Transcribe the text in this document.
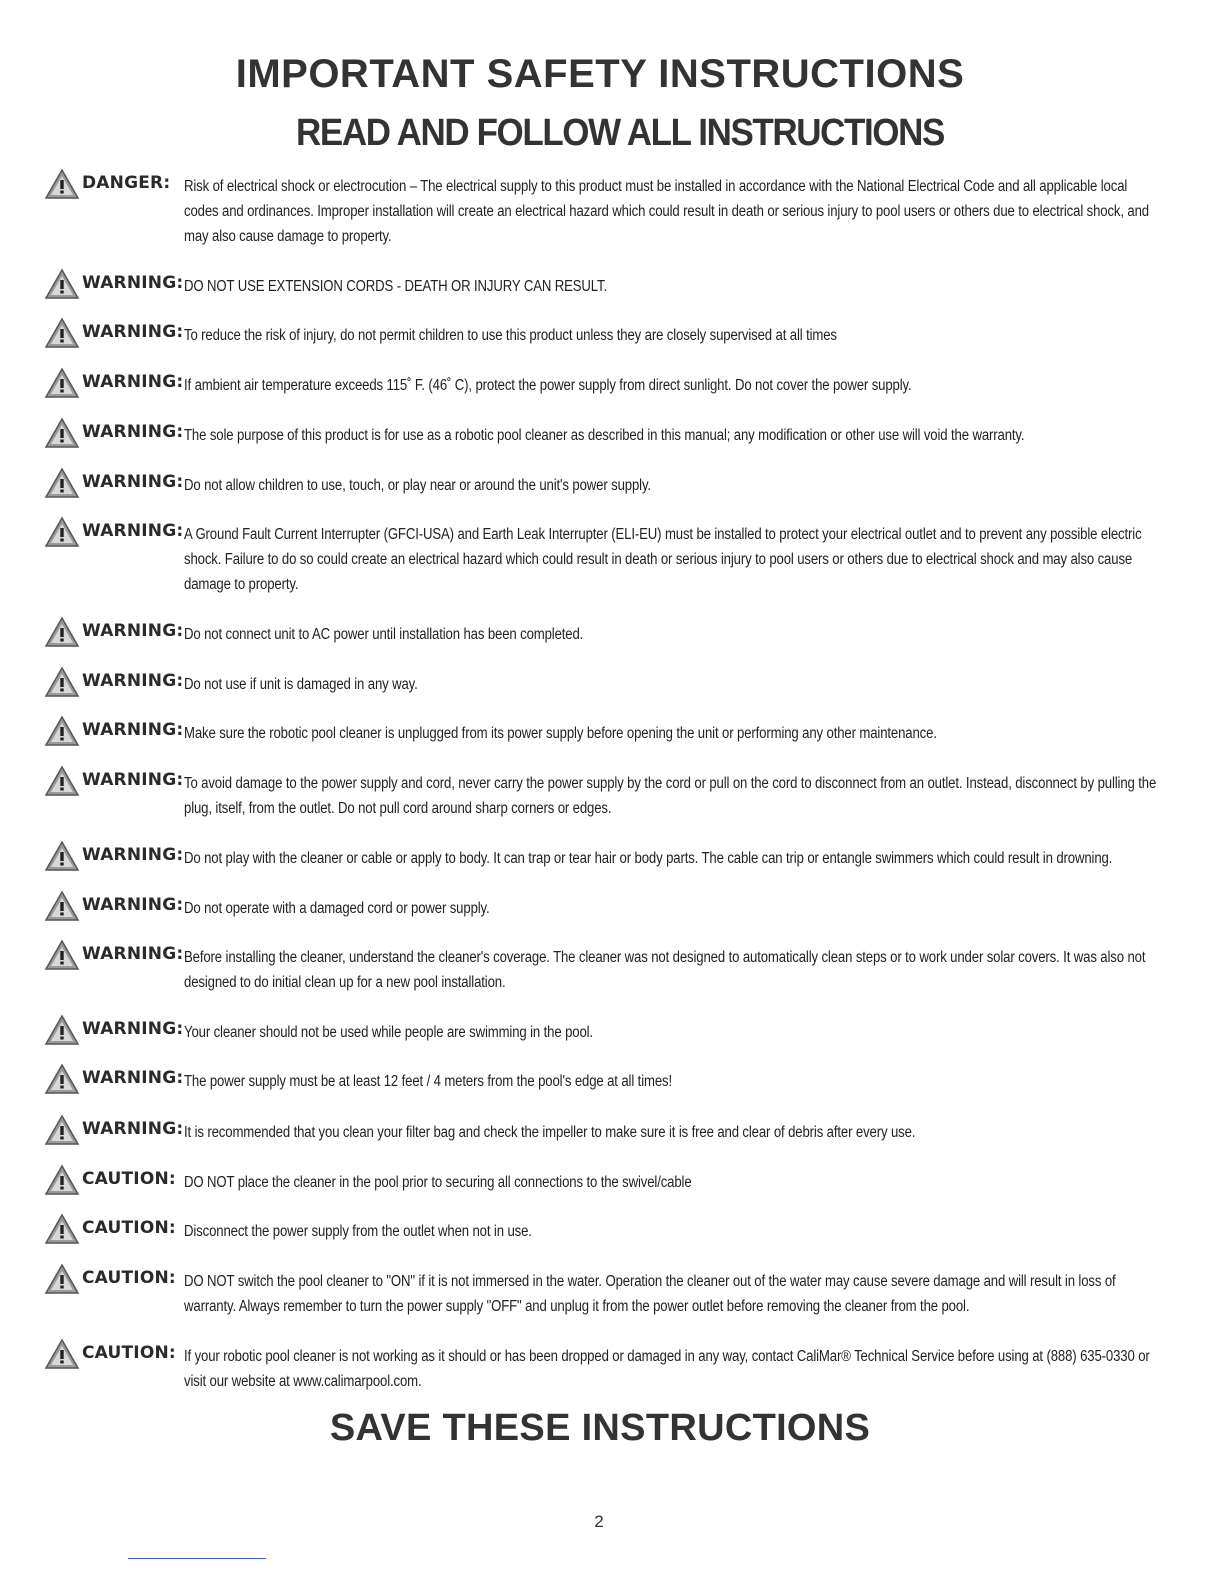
IMPORTANT SAFETY INSTRUCTIONS
READ AND FOLLOW ALL INSTRUCTIONS
DANGER: Risk of electrical shock or electrocution – The electrical supply to this product must be installed in accordance with the National Electrical Code and all applicable local codes and ordinances. Improper installation will create an electrical hazard which could result in death or serious injury to pool users or others due to electrical shock, and may also cause damage to property.
WARNING: DO NOT USE EXTENSION CORDS - DEATH OR INJURY CAN RESULT.
WARNING: To reduce the risk of injury, do not permit children to use this product unless they are closely supervised at all times
WARNING: If ambient air temperature exceeds 115˚ F. (46˚ C), protect the power supply from direct sunlight. Do not cover the power supply.
WARNING: The sole purpose of this product is for use as a robotic pool cleaner as described in this manual; any modification or other use will void the warranty.
WARNING: Do not allow children to use, touch, or play near or around the unit's power supply.
WARNING: A Ground Fault Current Interrupter (GFCI-USA) and Earth Leak Interrupter (ELI-EU) must be installed to protect your electrical outlet and to prevent any possible electric shock. Failure to do so could create an electrical hazard which could result in death or serious injury to pool users or others due to electrical shock and may also cause damage to property.
WARNING: Do not connect unit to AC power until installation has been completed.
WARNING: Do not use if unit is damaged in any way.
WARNING: Make sure the robotic pool cleaner is unplugged from its power supply before opening the unit or performing any other maintenance.
WARNING: To avoid damage to the power supply and cord, never carry the power supply by the cord or pull on the cord to disconnect from an outlet. Instead, disconnect by pulling the plug, itself, from the outlet. Do not pull cord around sharp corners or edges.
WARNING: Do not play with the cleaner or cable or apply to body. It can trap or tear hair or body parts. The cable can trip or entangle swimmers which could result in drowning.
WARNING: Do not operate with a damaged cord or power supply.
WARNING: Before installing the cleaner, understand the cleaner's coverage. The cleaner was not designed to automatically clean steps or to work under solar covers. It was also not designed to do initial clean up for a new pool installation.
WARNING: Your cleaner should not be used while people are swimming in the pool.
WARNING: The power supply must be at least 12 feet / 4 meters from the pool's edge at all times!
WARNING: It is recommended that you clean your filter bag and check the impeller to make sure it is free and clear of debris after every use.
CAUTION: DO NOT place the cleaner in the pool prior to securing all connections to the swivel/cable
CAUTION: Disconnect the power supply from the outlet when not in use.
CAUTION: DO NOT switch the pool cleaner to "ON" if it is not immersed in the water. Operation the cleaner out of the water may cause severe damage and will result in loss of warranty. Always remember to turn the power supply "OFF" and unplug it from the power outlet before removing the cleaner from the pool.
CAUTION: If your robotic pool cleaner is not working as it should or has been dropped or damaged in any way, contact CaliMar® Technical Service before using at (888) 635-0330 or visit our website at www.calimarpool.com.
SAVE THESE INSTRUCTIONS
2
